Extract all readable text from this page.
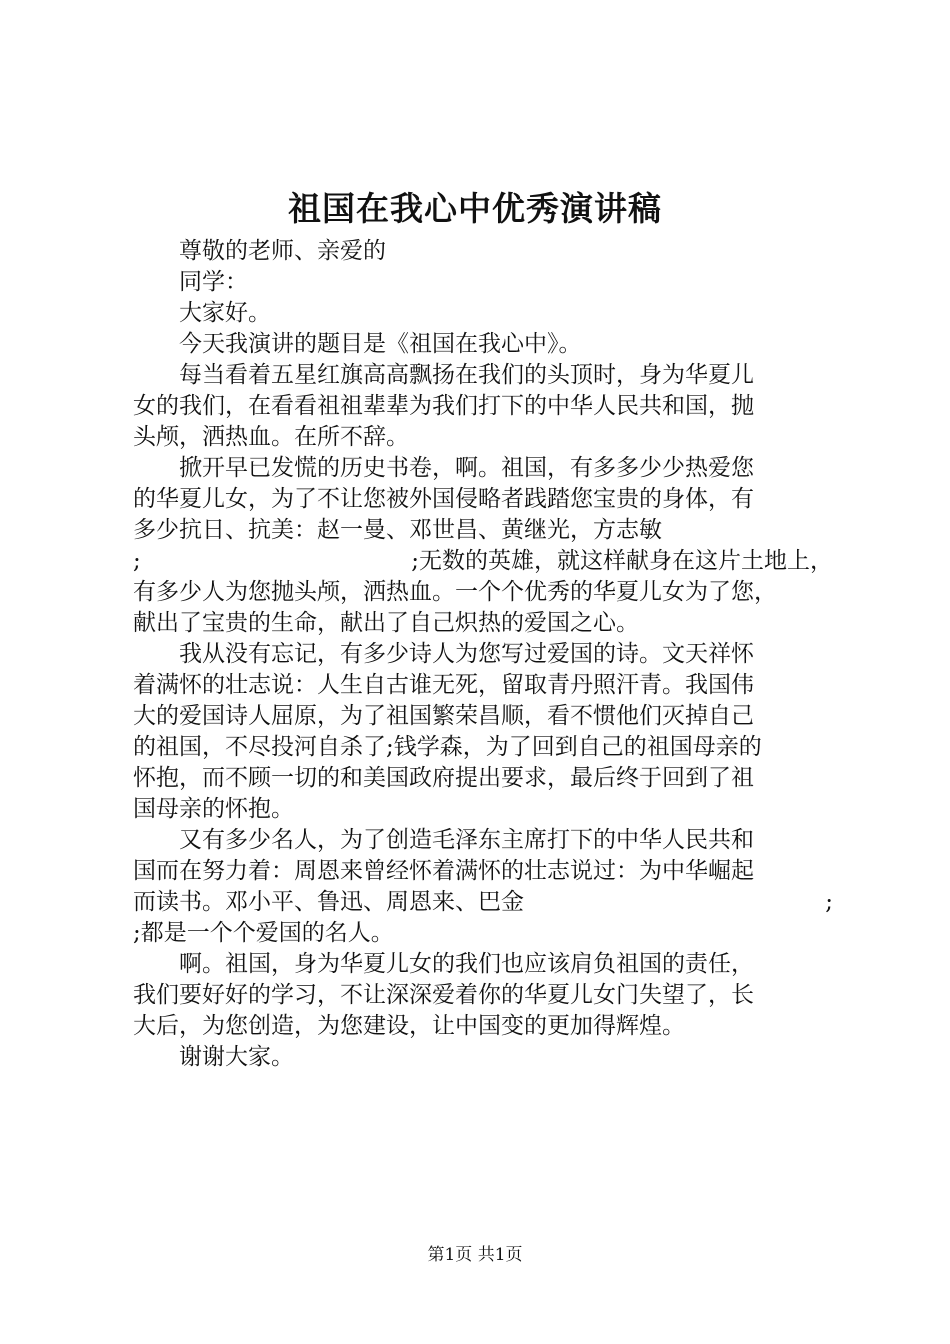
祖国在我心中优秀演讲稿
尊敬的老师、亲爱的
同学：
大家好。
今天我演讲的题目是《祖国在我心中》。
每当看着五星红旗高高飘扬在我们的头顶时，身为华夏儿
女的我们，在看看祖祖辈辈为我们打下的中华人民共和国，抛
头颅，洒热血。在所不辞。
掀开早已发慌的历史书卷，啊。祖国，有多多少少热爱您
的华夏儿女，为了不让您被外国侵略者践踏您宝贵的身体，有
多少抗日、抗美：赵一曼、邓世昌、黄继光，方志敏
;	;无数的英雄，就这样献身在这片土地上，
有多少人为您抛头颅，洒热血。一个个优秀的华夏儿女为了您，
献出了宝贵的生命，献出了自己炽热的爱国之心。
我从没有忘记，有多少诗人为您写过爱国的诗。文天祥怀
着满怀的壮志说：人生自古谁无死，留取青丹照汗青。我国伟
大的爱国诗人屈原，为了祖国繁荣昌顺，看不惯他们灭掉自己
的祖国，不尽投河自杀了;钱学森，为了回到自己的祖国母亲的
怀抱，而不顾一切的和美国政府提出要求，最后终于回到了祖
国母亲的怀抱。
又有多少名人，为了创造毛泽东主席打下的中华人民共和
国而在努力着：周恩来曾经怀着满怀的壮志说过：为中华崛起
而读书。邓小平、鲁迅、周恩来、巴金	;
;都是一个个爱国的名人。
啊。祖国，身为华夏儿女的我们也应该肩负祖国的责任，
我们要好好的学习，不让深深爱着你的华夏儿女门失望了，长
大后，为您创造，为您建设，让中国变的更加得辉煌。
谢谢大家。
第1页 共1页
